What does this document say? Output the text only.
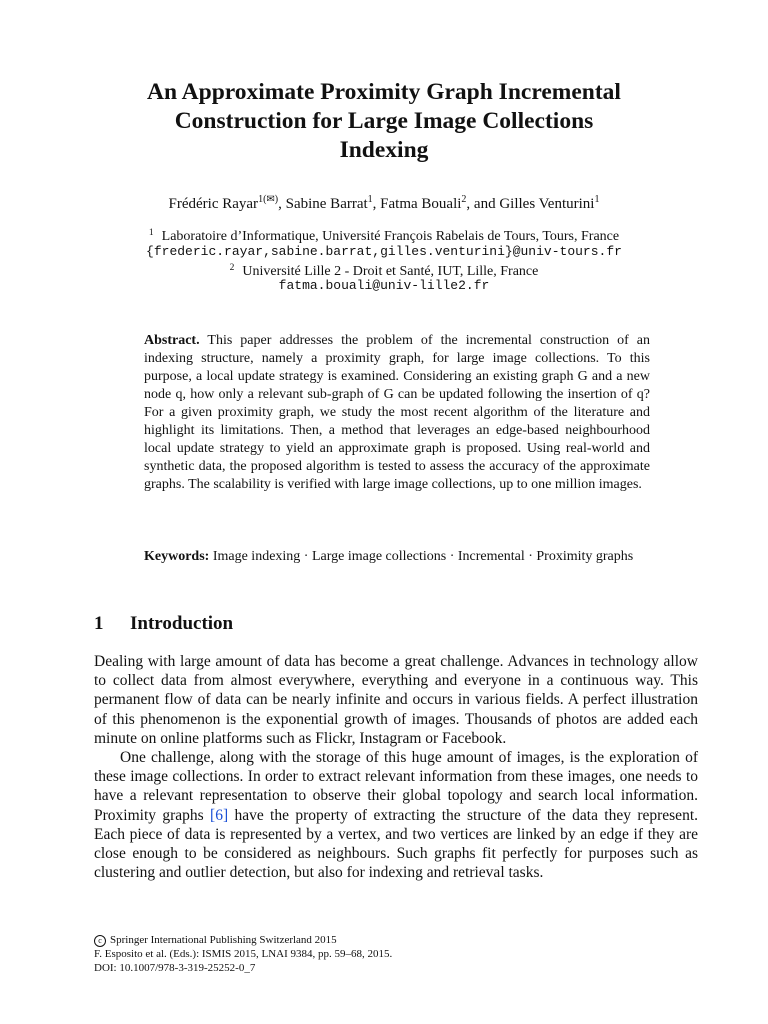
An Approximate Proximity Graph Incremental
Construction for Large Image Collections
Indexing
Frédéric Rayar$^{1(✉)}$, Sabine Barrat$^1$, Fatma Bouali$^2$, and Gilles Venturini$^1$
$^1$ Laboratoire d’Informatique, Université François Rabelais de Tours, Tours, France
{frederic.rayar,sabine.barrat,gilles.venturini}@univ-tours.fr
$^2$ Université Lille 2 - Droit et Santé, IUT, Lille, France
fatma.bouali@univ-lille2.fr
Abstract. This paper addresses the problem of the incremental construction of an indexing structure, namely a proximity graph, for large image collections. To this purpose, a local update strategy is examined. Considering an existing graph G and a new node q, how only a relevant sub-graph of G can be updated following the insertion of q? For a given proximity graph, we study the most recent algorithm of the literature and highlight its limitations. Then, a method that leverages an edge-based neighbourhood local update strategy to yield an approximate graph is proposed. Using real-world and synthetic data, the proposed algorithm is tested to assess the accuracy of the approximate graphs. The scalability is verified with large image collections, up to one million images.
Keywords: Image indexing · Large image collections · Incremental · Proximity graphs
1 Introduction

Dealing with large amount of data has become a great challenge. Advances in technology allow to collect data from almost everywhere, everything and everyone in a continuous way. This permanent flow of data can be nearly infinite and occurs in various fields. A perfect illustration of this phenomenon is the exponential growth of images. Thousands of photos are added each minute on online platforms such as Flickr, Instagram or Facebook.

One challenge, along with the storage of this huge amount of images, is the exploration of these image collections. In order to extract relevant information from these images, one needs to have a relevant representation to observe their global topology and search local information. Proximity graphs [6] have the property of extracting the structure of the data they represent. Each piece of data is represented by a vertex, and two vertices are linked by an edge if they are close enough to be considered as neighbours. Such graphs fit perfectly for purposes such as clustering and outlier detection, but also for indexing and retrieval tasks.

c Springer International Publishing Switzerland 2015
F. Esposito et al. (Eds.): ISMIS 2015, LNAI 9384, pp. 59–68, 2015.
DOI: 10.1007/978-3-319-25252-0_7
